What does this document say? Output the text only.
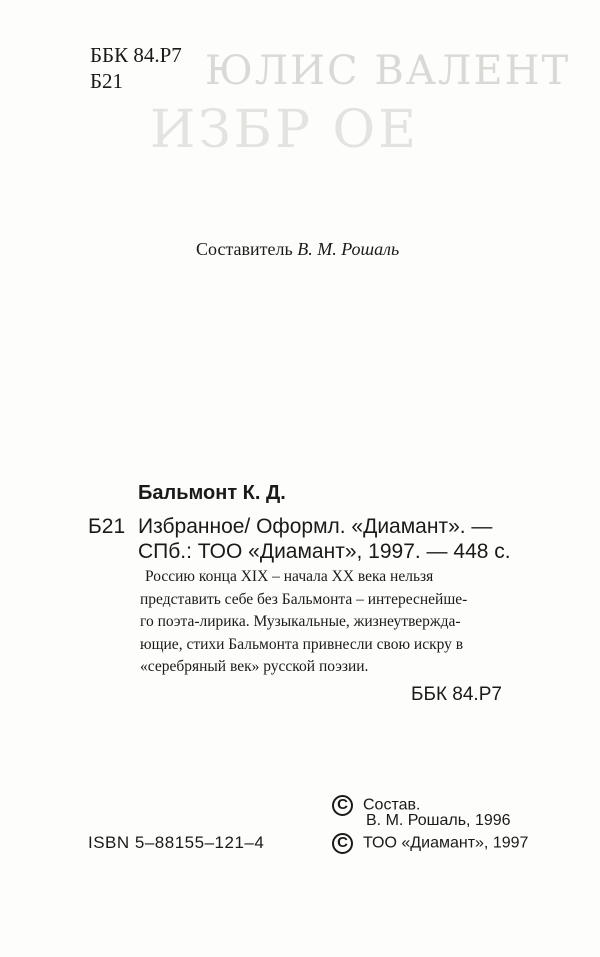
ЮЛИС ВАЛЕНТ
ИЗБР ОЕ
ББК 84.Р7
Б21
Составитель В. М. Рошаль
Бальмонт К. Д.
Б21 Избранное/ Оформл. «Диамант». —
СПб.: ТОО «Диамант», 1997. — 448 с.
Россию конца XIX – начала XX века нельзя
представить себе без Бальмонта – интереснейше-
го поэта-лирика. Музыкальные, жизнеутвержда-
ющие, стихи Бальмонта привнесли свою искру в
«серебряный век» русской поэзии.
ББК 84.Р7
ISBN 5–88155–121–4
C Состав.
В. М. Рошаль, 1996
C ТОО «Диамант», 1997
